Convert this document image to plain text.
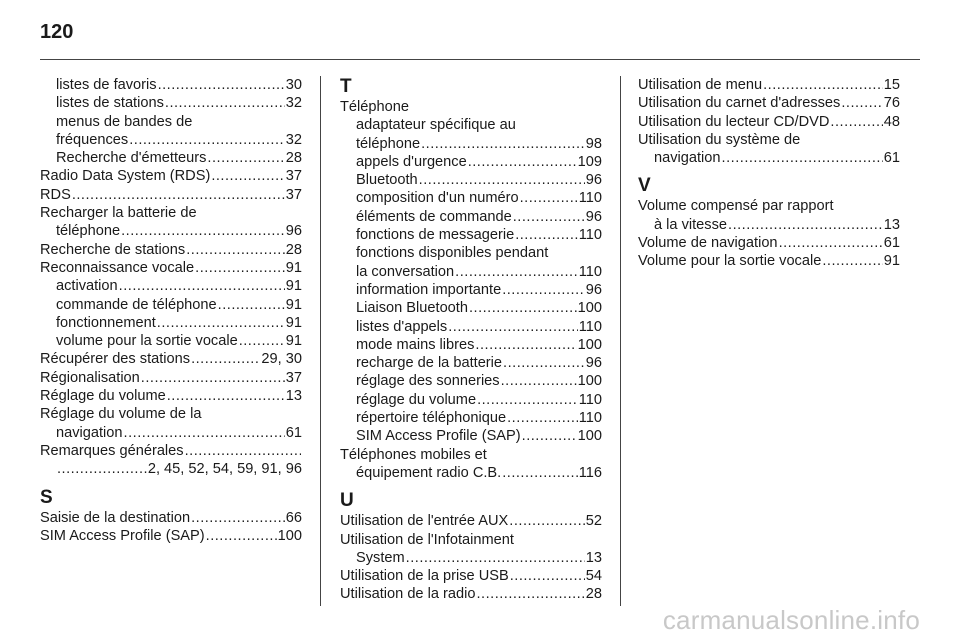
120
listes de favoris .....	30
listes de stations .....	32
menus de bandes de
fréquences .....	32
Recherche d'émetteurs .....	28
Radio Data System (RDS) .....	37
RDS .....	37
Recharger la batterie de
téléphone .....	96
Recherche de stations .....	28
Reconnaissance vocale .....	91
activation .....	91
commande de téléphone .....	91
fonctionnement .....	91
volume pour la sortie vocale .....	91
Récupérer des stations .....	29, 30
Régionalisation .....	37
Réglage du volume .....	13
Réglage du volume de la
navigation .....	61
Remarques générales
.....
.....
2, 45, 52, 54, 59, 91, 96
S
Saisie de la destination .....	66
SIM Access Profile (SAP) .....	100
T
Téléphone
adaptateur spécifique au
téléphone .....	98
appels d'urgence .....	109
Bluetooth .....	96
composition d'un numéro .....	110
éléments de commande .....	96
fonctions de messagerie .....	110
fonctions disponibles pendant
la conversation .....	110
information importante .....	96
Liaison Bluetooth .....	100
listes d'appels .....	110
mode mains libres .....	100
recharge de la batterie .....	96
réglage des sonneries .....	100
réglage du volume .....	110
répertoire téléphonique .....	110
SIM Access Profile (SAP) .....	100
Téléphones mobiles et
équipement radio C.B. .....	116
U
Utilisation de l'entrée AUX .....	52
Utilisation de l'Infotainment
System .....	13
Utilisation de la prise USB .....	54
Utilisation de la radio .....	28
Utilisation de menu .....	15
Utilisation du carnet d'adresses .....	76
Utilisation du lecteur CD/DVD .....	48
Utilisation du système de
navigation .....	61
V
Volume compensé par rapport
à la vitesse .....	13
Volume de navigation .....	61
Volume pour la sortie vocale .....	91
carmanualsonline.info
